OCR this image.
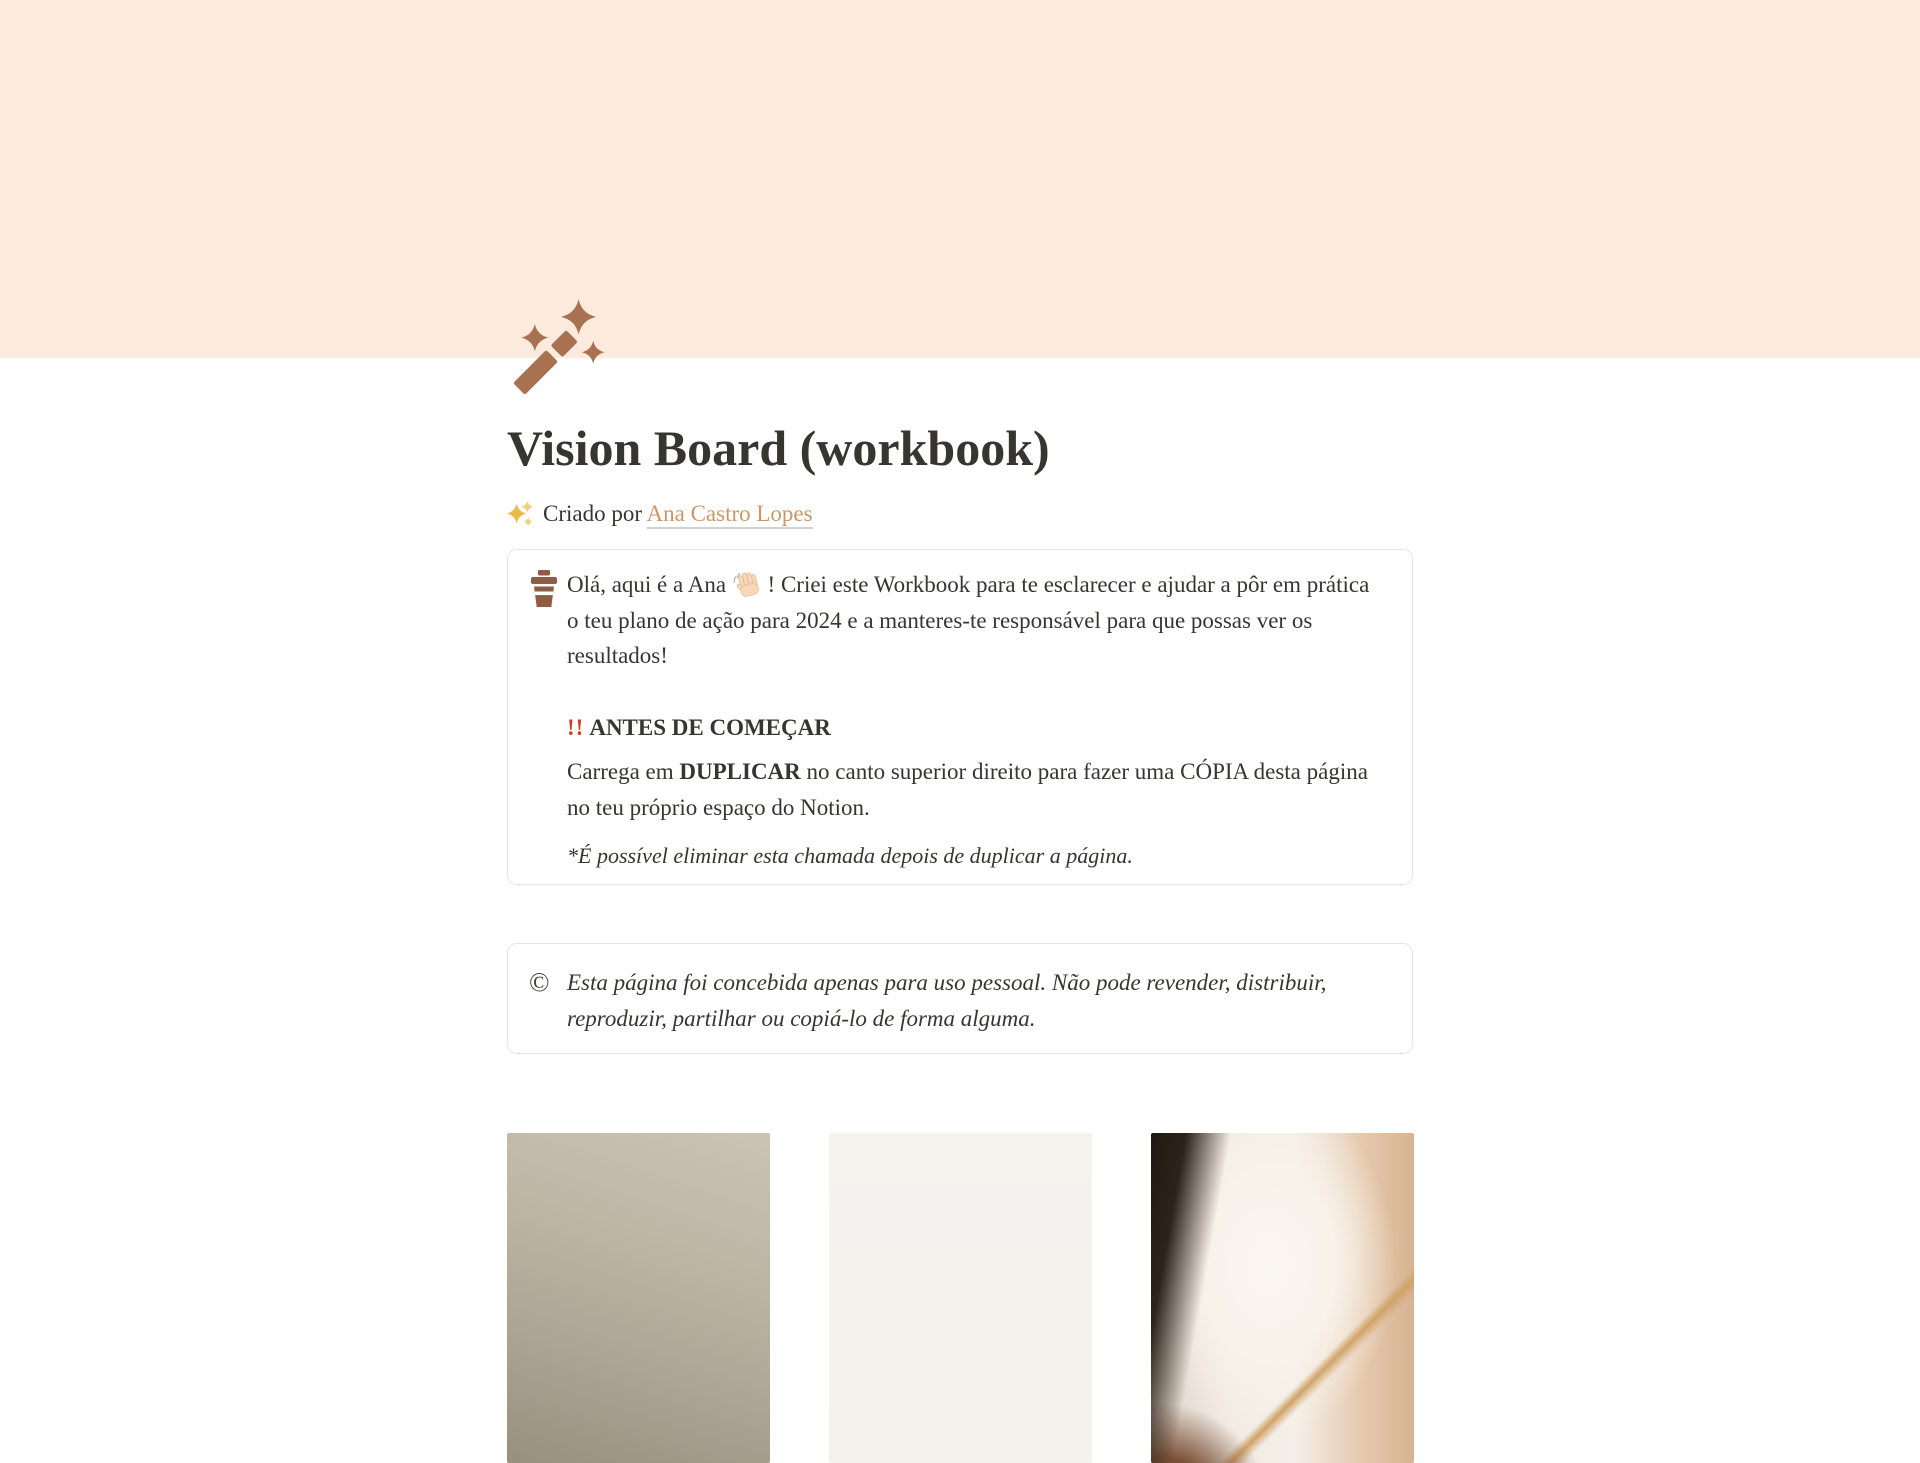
Vision Board (workbook)
Criado por Ana Castro Lopes

Olá, aqui é a Ana  ! Criei este Workbook para te esclarecer e ajudar a pôr em prática o teu plano de ação para 2024 e a manteres-te responsável para que possas ver os resultados!

!! ANTES DE COMEÇAR

Carrega em DUPLICAR no canto superior direito para fazer uma CÓPIA desta página no teu próprio espaço do Notion.

*É possível eliminar esta chamada depois de duplicar a página.

© Esta página foi concebida apenas para uso pessoal. Não pode revender, distribuir, reproduzir, partilhar ou copiá-lo de forma alguma.
